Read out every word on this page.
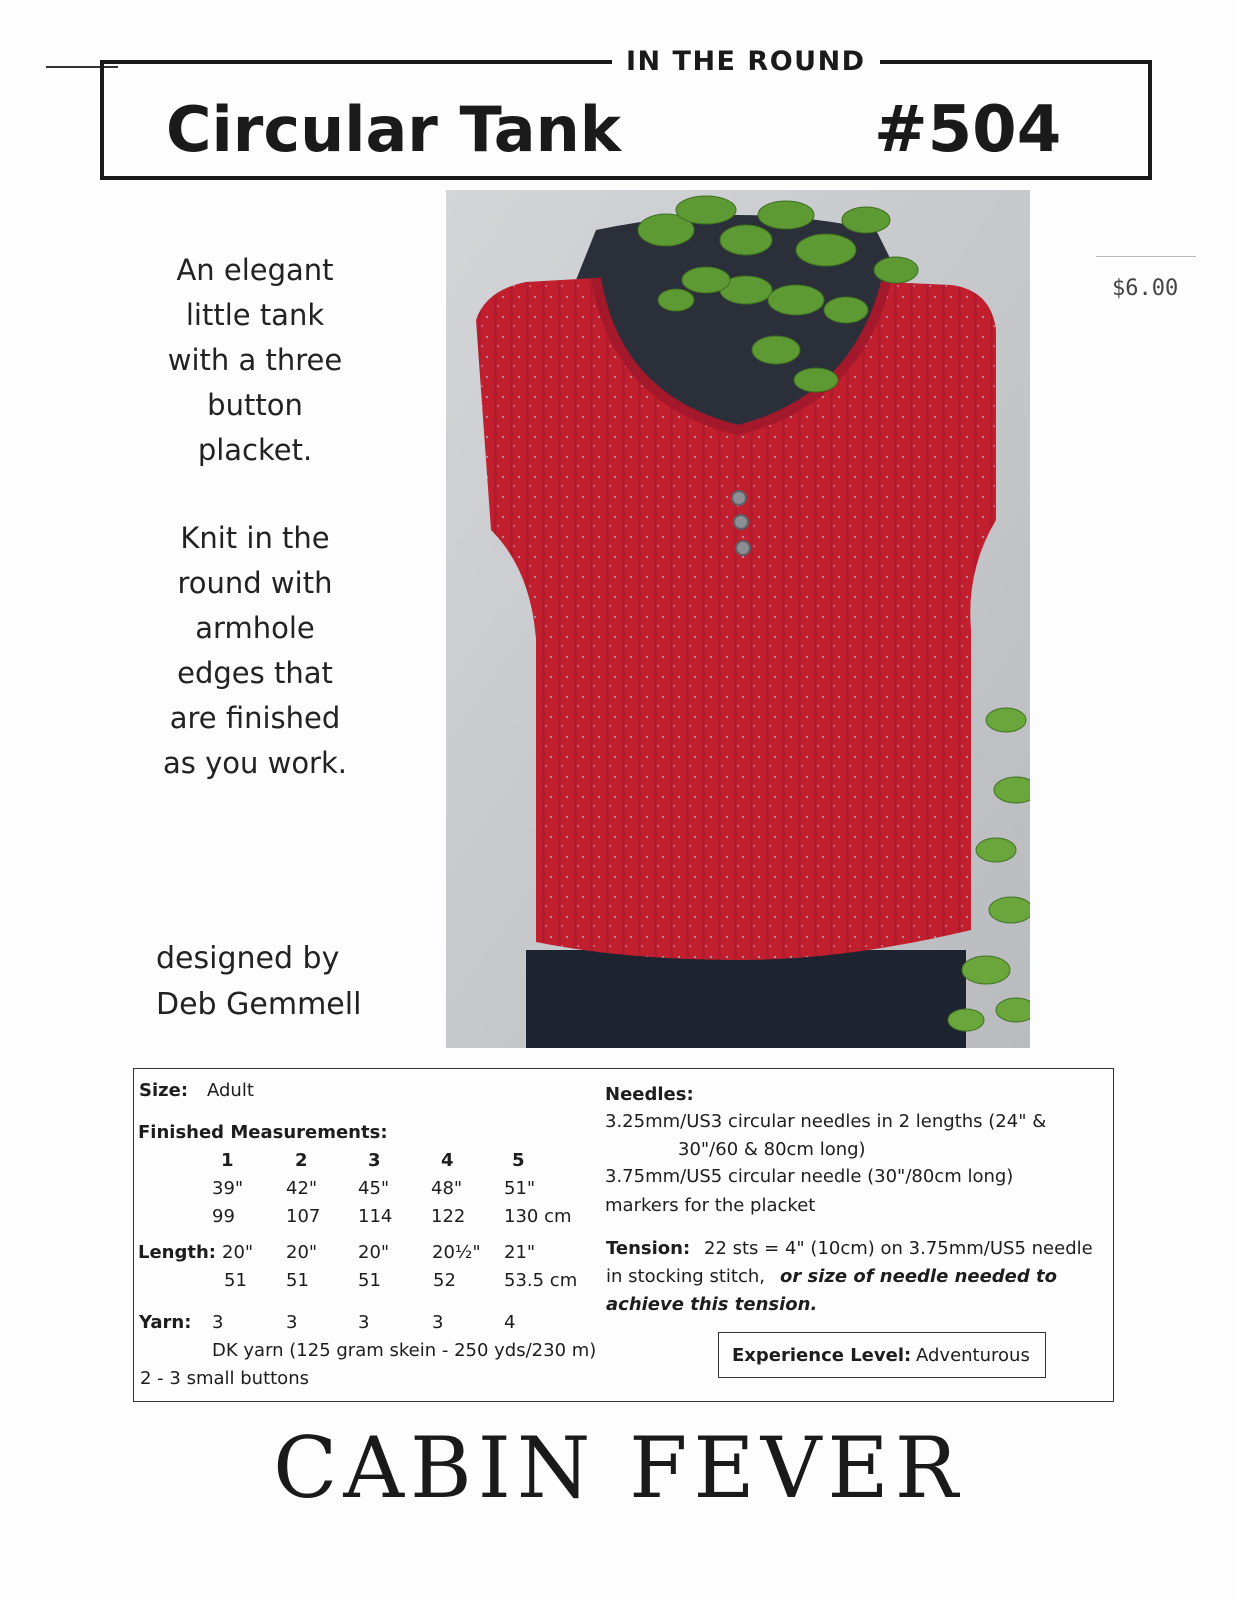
IN THE ROUND
Circular Tank	#504
$6.00
An elegant
little tank
with a three
button
placket.
Knit in the
round with
armhole
edges that
are finished
as you work.
designed by
Deb Gemmell
Size: Adult
Finished Measurements:
1	2	3	4	5
39" 42" 45" 48" 51"
99	107 114 122 130 cm
Length: 20" 20" 20" 20½" 21"
51 51	51	52	53.5 cm
Yarn: 3	3	3	3	4
DK yarn (125 gram skein - 250 yds/230 m)
2 - 3 small buttons
Needles:
3.25mm/US3 circular needles in 2 lengths (24" &
30"/60 & 80cm long)
3.75mm/US5 circular needle (30"/80cm long)
markers for the placket
Tension: 22 sts = 4" (10cm) on 3.75mm/US5 needle
in stocking stitch, or size of needle needed to
achieve this tension.
Experience Level: Adventurous
CABIN FEVER
